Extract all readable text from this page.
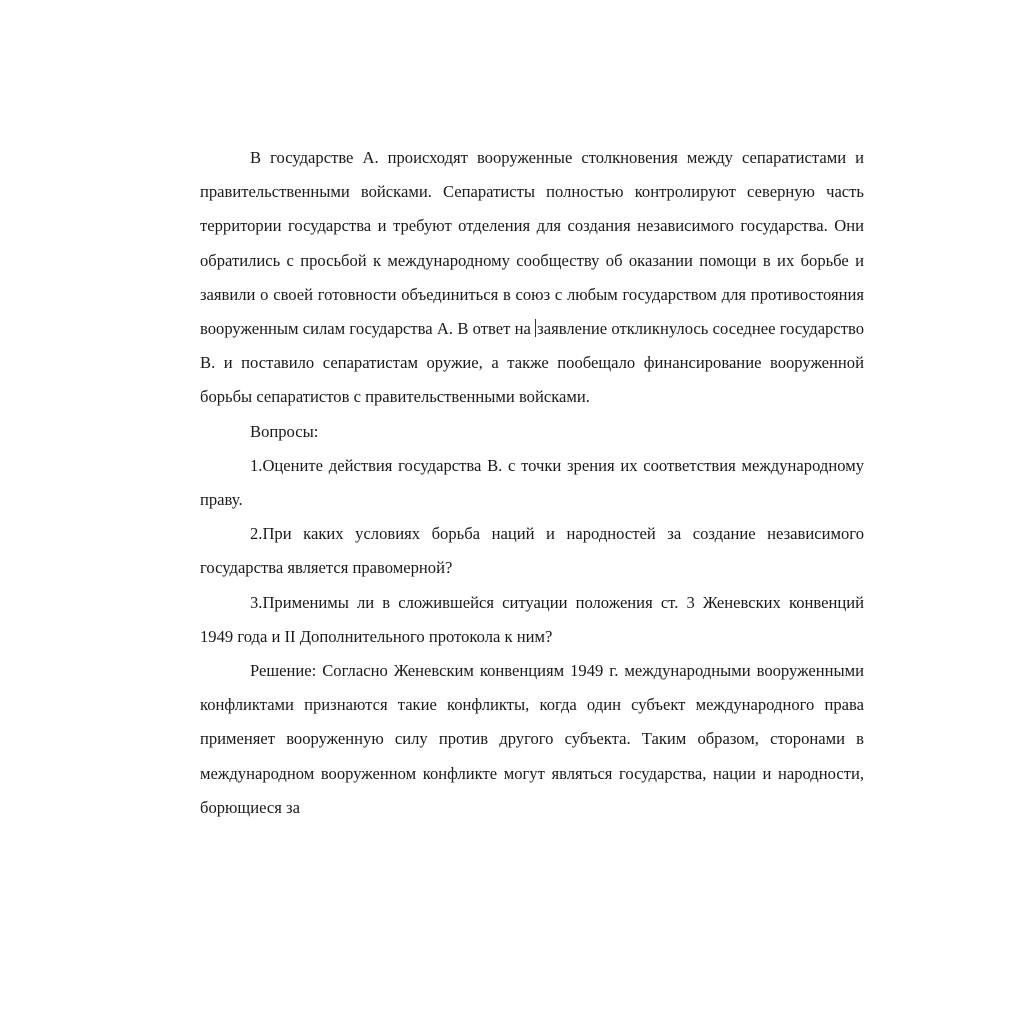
В государстве А. происходят вооруженные столкновения между сепаратистами и правительственными войсками. Сепаратисты полностью контролируют северную часть территории государства и требуют отделения для создания независимого государства. Они обратились с просьбой к международному сообществу об оказании помощи в их борьбе и заявили о своей готовности объединиться в союз с любым государством для противостояния вооруженным силам государства А. В ответ на заявление откликнулось соседнее государство В. и поставило сепаратистам оружие, а также пообещало финансирование вооруженной борьбы сепаратистов с правительственными войсками.

Вопросы:

1.Оцените действия государства В. с точки зрения их соответствия международному праву.

2.При каких условиях борьба наций и народностей за создание независимого государства является правомерной?

3.Применимы ли в сложившейся ситуации положения ст. 3 Женевских конвенций 1949 года и II Дополнительного протокола к ним?

Решение: Согласно Женевским конвенциям 1949 г. международными вооруженными конфликтами признаются такие конфликты, когда один субъект международного права применяет вооруженную силу против другого субъекта. Таким образом, сторонами в международном вооруженном конфликте могут являться государства, нации и народности, борющиеся за
